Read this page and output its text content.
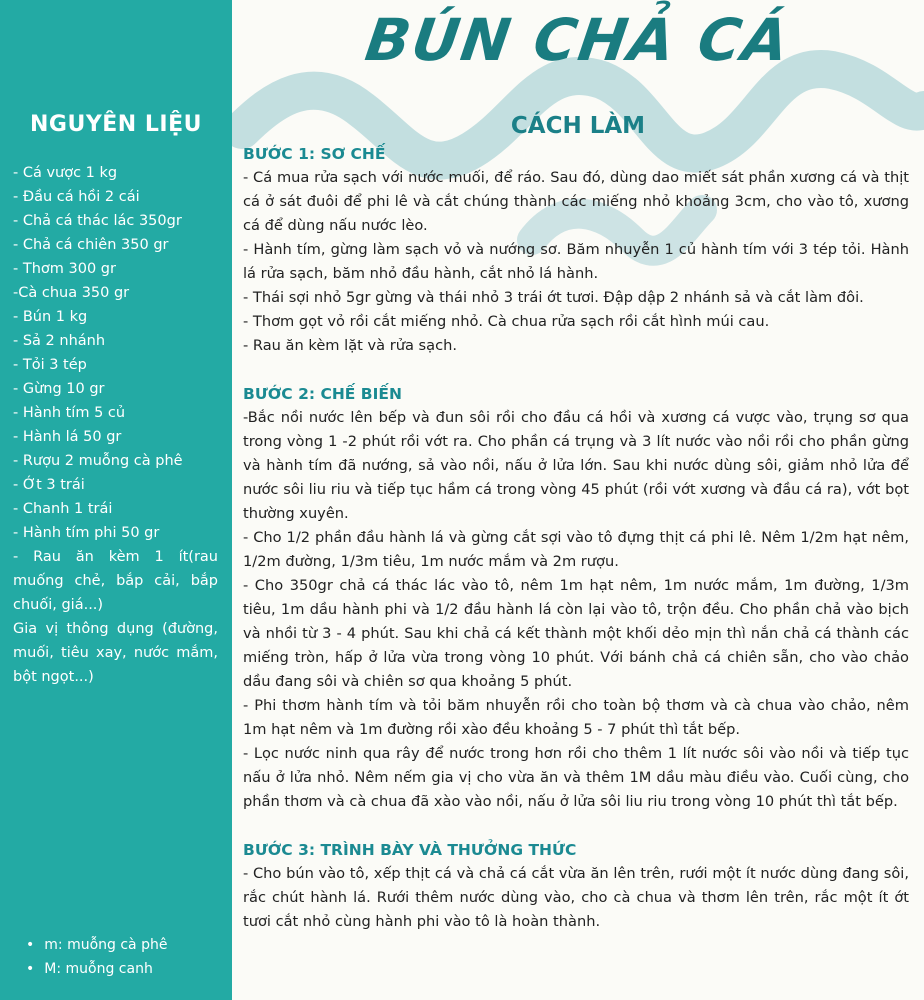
NGUYÊN LIỆU
- Cá vược 1 kg
- Đầu cá hồi 2 cái
- Chả cá thác lác 350gr
- Chả cá chiên 350 gr
- Thơm 300 gr
-Cà chua 350 gr
- Bún 1 kg
- Sả 2 nhánh
- Tỏi 3 tép
- Gừng 10 gr
- Hành tím 5 củ
- Hành lá 50 gr
- Rượu 2 muỗng cà phê
- Ớt 3 trái
- Chanh 1 trái
- Hành tím phi 50 gr
- Rau ăn kèm 1 ít(rau muống chẻ, bắp cải, bắp chuối, giá...)
Gia vị thông dụng (đường, muối, tiêu xay, nước mắm, bột ngọt...)
• m: muỗng cà phê
• M: muỗng canh
BÚN CHẢ CÁ
CÁCH LÀM
BƯỚC 1: SƠ CHẾ

- Cá mua rửa sạch với nước muối, để ráo. Sau đó, dùng dao miết sát phần xương cá và thịt cá ở sát đuôi để phi lê và cắt chúng thành các miếng nhỏ khoảng 3cm, cho vào tô, xương cá để dùng nấu nước lèo.

- Hành tím, gừng làm sạch vỏ và nướng sơ. Băm nhuyễn 1 củ hành tím với 3 tép tỏi. Hành lá rửa sạch, băm nhỏ đầu hành, cắt nhỏ lá hành.

- Thái sợi nhỏ 5gr gừng và thái nhỏ 3 trái ớt tươi. Đập dập 2 nhánh sả và cắt làm đôi.

- Thơm gọt vỏ rồi cắt miếng nhỏ. Cà chua rửa sạch rồi cắt hình múi cau.

- Rau ăn kèm lặt và rửa sạch.

BƯỚC 2: CHẾ BIẾN

-Bắc nồi nước lên bếp và đun sôi rồi cho đầu cá hồi và xương cá vược vào, trụng sơ qua trong vòng 1 -2 phút rồi vớt ra. Cho phần cá trụng và 3 lít nước vào nồi rồi cho phần gừng và hành tím đã nướng, sả vào nồi, nấu ở lửa lớn. Sau khi nước dùng sôi, giảm nhỏ lửa để nước sôi liu riu và tiếp tục hầm cá trong vòng 45 phút (rồi vớt xương và đầu cá ra), vớt bọt thường xuyên.

- Cho 1/2 phần đầu hành lá và gừng cắt sợi vào tô đựng thịt cá phi lê. Nêm 1/2m hạt nêm, 1/2m đường, 1/3m tiêu, 1m nước mắm và 2m rượu.

- Cho 350gr chả cá thác lác vào tô, nêm 1m hạt nêm, 1m nước mắm, 1m đường, 1/3m tiêu, 1m dầu hành phi và 1/2 đầu hành lá còn lại vào tô, trộn đều. Cho phần chả vào bịch và nhồi từ 3 - 4 phút. Sau khi chả cá kết thành một khối dẻo mịn thì nắn chả cá thành các miếng tròn, hấp ở lửa vừa trong vòng 10 phút. Với bánh chả cá chiên sẵn, cho vào chảo dầu đang sôi và chiên sơ qua khoảng 5 phút.

- Phi thơm hành tím và tỏi băm nhuyễn rồi cho toàn bộ thơm và cà chua vào chảo, nêm 1m hạt nêm và 1m đường rồi xào đều khoảng 5 - 7 phút thì tắt bếp.

- Lọc nước ninh qua rây để nước trong hơn rồi cho thêm 1 lít nước sôi vào nồi và tiếp tục nấu ở lửa nhỏ. Nêm nếm gia vị cho vừa ăn và thêm 1M dầu màu điều vào. Cuối cùng, cho phần thơm và cà chua đã xào vào nồi, nấu ở lửa sôi liu riu trong vòng 10 phút thì tắt bếp.

BƯỚC 3: TRÌNH BÀY VÀ THƯỞNG THỨC

- Cho bún vào tô, xếp thịt cá và chả cá cắt vừa ăn lên trên, rưới một ít nước dùng đang sôi, rắc chút hành lá. Rưới thêm nước dùng vào, cho cà chua và thơm lên trên, rắc một ít ớt tươi cắt nhỏ cùng hành phi vào tô là hoàn thành.
